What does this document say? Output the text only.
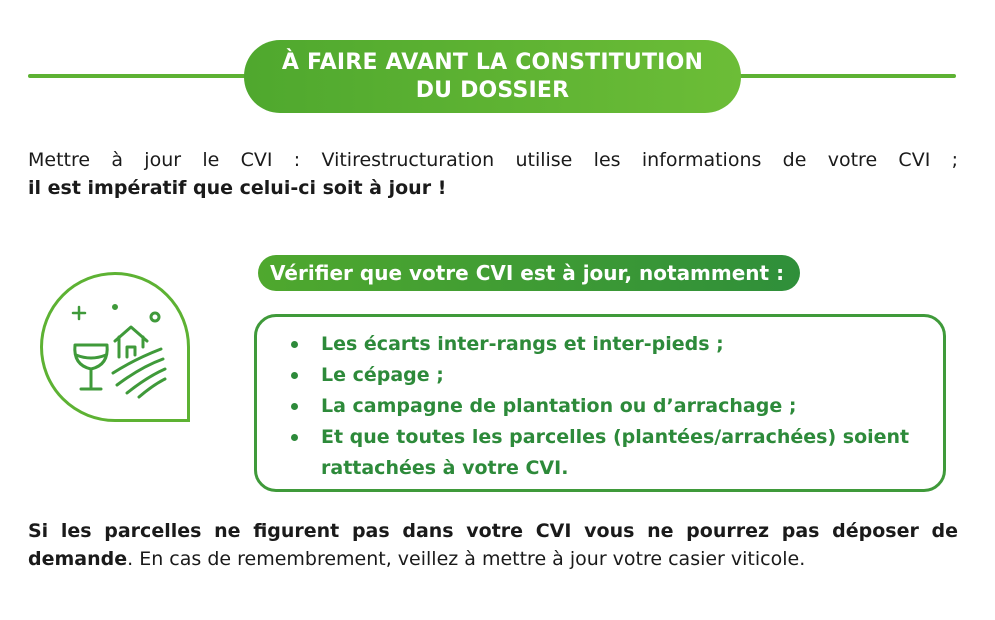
À FAIRE AVANT LA CONSTITUTION
DU DOSSIER
Mettre à jour le CVI : Vitirestructuration utilise les informations de votre CVI ;
il est impératif que celui-ci soit à jour !
Vérifier que votre CVI est à jour, notamment :
Les écarts inter-rangs et inter-pieds ;
Le cépage ;
La campagne de plantation ou d’arrachage ;
Et que toutes les parcelles (plantées/arrachées) soient rattachées à votre CVI.
Si les parcelles ne figurent pas dans votre CVI vous ne pourrez pas déposer de
demande. En cas de remembrement, veillez à mettre à jour votre casier viticole.
